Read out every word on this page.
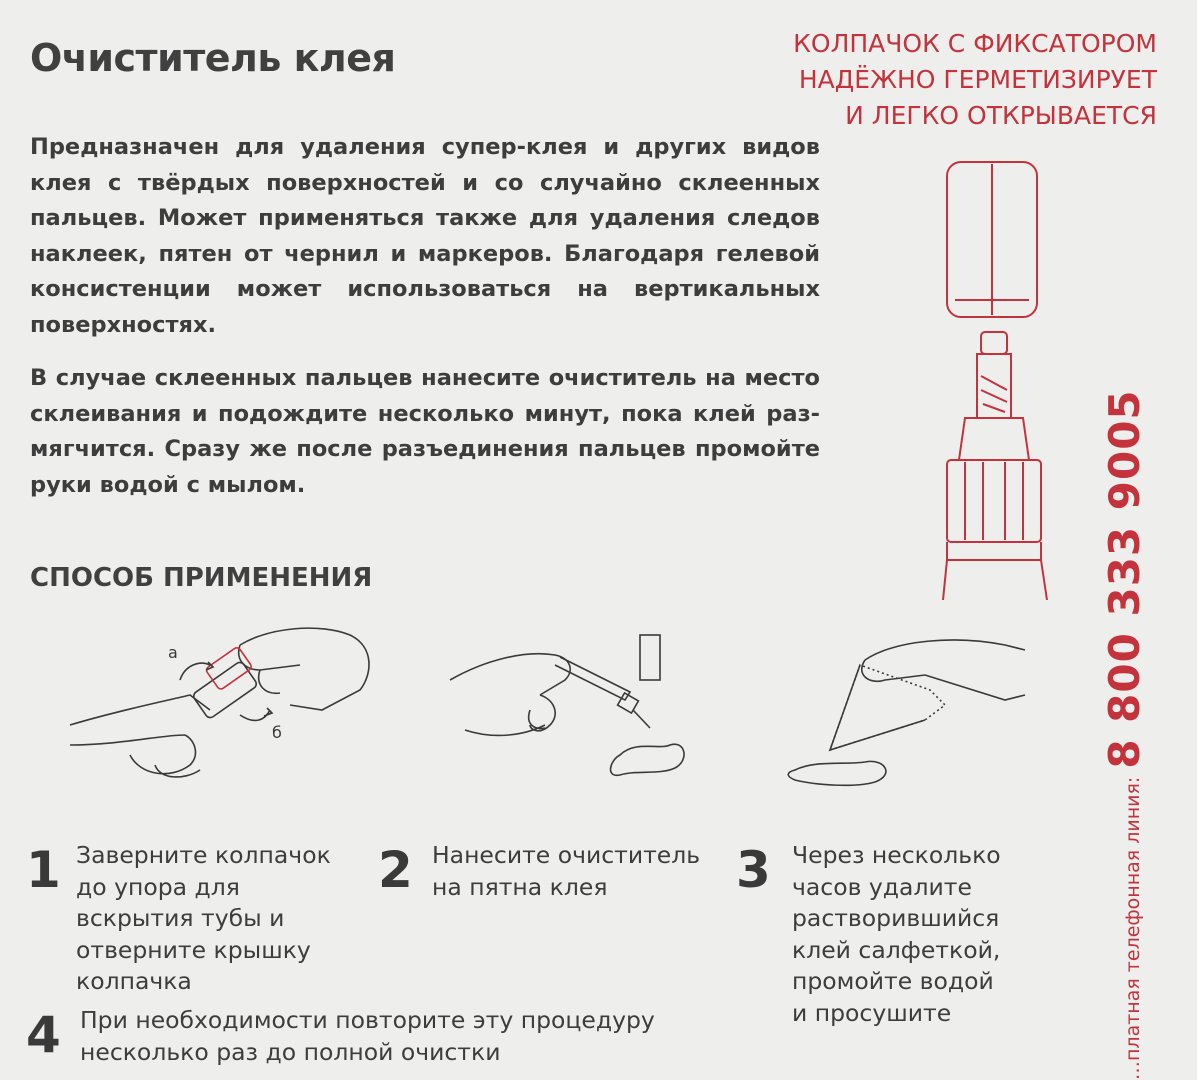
Очиститель клея	КОЛПАЧОК С ФИКСАТОРОМ
НАДЁЖНО ГЕРМЕТИЗИРУЕТ
И ЛЕГКО ОТКРЫВАЕТСЯ
Предназначен для удаления супер-клея и других видов
клея с твёрдых поверхностей и со случайно склеенных
пальцев. Может применяться также для удаления следов
наклеек, пятен от чернил и маркеров. Благодаря гелевой
консистенции может использоваться на вертикальных
поверхностях.
В случае склеенных пальцев нанесите очиститель на место
склеивания и подождите несколько минут, пока клей раз-
мягчится. Сразу же после разъединения пальцев промойте
руки водой с мылом.
СПОСОБ ПРИМЕНЕНИЯ
а
б
1 Заверните колпачок
до упора для
вскрытия тубы и
отверните крышку
колпачка
2 Нанесите очиститель
на пятна клея	3 Через несколько
часов удалите
растворившийся
клей салфеткой,
промойте водой
и просушите
4 При необходимости повторите эту процедуру
несколько раз до полной очистки	…платная телефонная линия:8 800 333 9005
